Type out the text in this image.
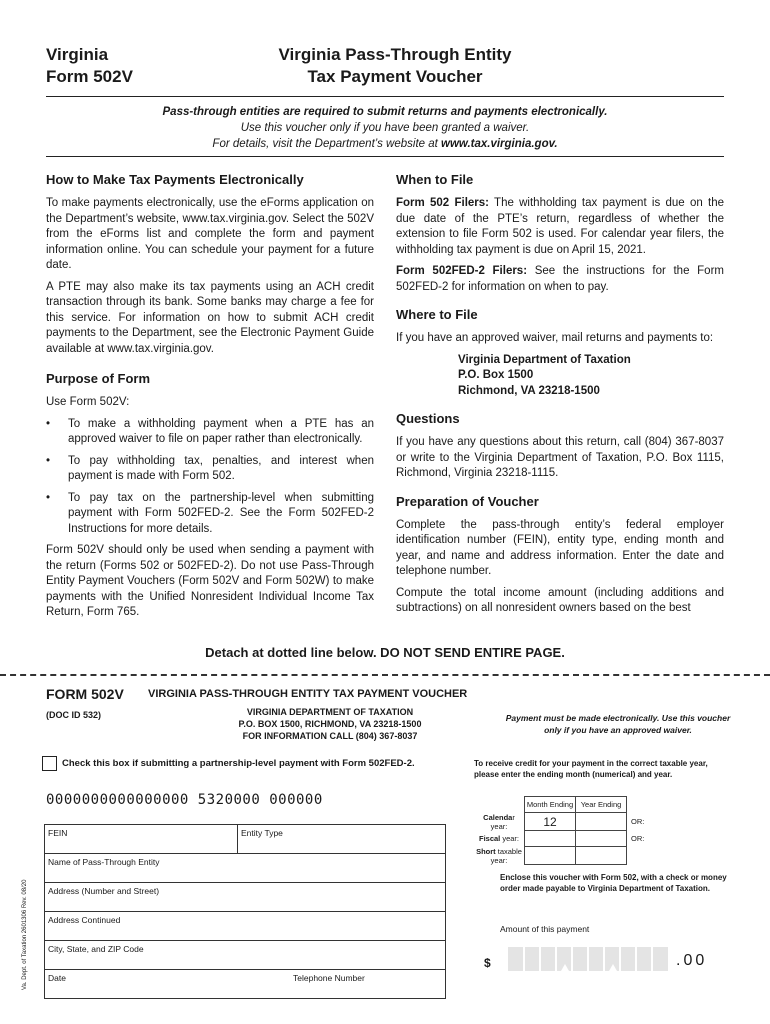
Virginia
Form 502V
Virginia Pass-Through Entity
Tax Payment Voucher
Pass-through entities are required to submit returns and payments electronically.
Use this voucher only if you have been granted a waiver.
For details, visit the Department’s website at www.tax.virginia.gov.
How to Make Tax Payments Electronically

To make payments electronically, use the eForms application on the Department’s website, www.tax.virginia.gov. Select the 502V from the eForms list and complete the form and payment information online. You can schedule your payment for a future date.

A PTE may also make its tax payments using an ACH credit transaction through its bank. Some banks may charge a fee for this service. For information on how to submit ACH credit payments to the Department, see the Electronic Payment Guide available at www.tax.virginia.gov.

Purpose of Form

Use Form 502V:

• To make a withholding payment when a PTE has an approved waiver to file on paper rather than electronically.
• To pay withholding tax, penalties, and interest when payment is made with Form 502.
• To pay tax on the partnership-level when submitting payment with Form 502FED-2. See the Form 502FED-2 Instructions for more details.

Form 502V should only be used when sending a payment with the return (Forms 502 or 502FED-2). Do not use Pass-Through Entity Payment Vouchers (Form 502V and Form 502W) to make payments with the Unified Nonresident Individual Income Tax Return, Form 765.

When to File

Form 502 Filers: The withholding tax payment is due on the due date of the PTE’s return, regardless of whether the extension to file Form 502 is used. For calendar year filers, the withholding tax payment is due on April 15, 2021.

Form 502FED-2 Filers: See the instructions for the Form 502FED-2 for information on when to pay.

Where to File

If you have an approved waiver, mail returns and payments to:

Virginia Department of Taxation
P.O. Box 1500
Richmond, VA 23218-1500
Questions

If you have any questions about this return, call (804) 367-8037 or write to the Virginia Department of Taxation, P.O. Box 1115, Richmond, Virginia 23218-1115.

Preparation of Voucher

Complete the pass-through entity’s federal employer identification number (FEIN), entity type, ending month and year, and name and address information. Enter the date and telephone number.

Compute the total income amount (including additions and subtractions) on all nonresident owners based on the best

Detach at dotted line below. DO NOT SEND ENTIRE PAGE.
FORM 502V VIRGINIA PASS-THROUGH ENTITY TAX PAYMENT VOUCHER
(DOC ID 532)	VIRGINIA DEPARTMENT OF TAXATION
P.O. BOX 1500, RICHMOND, VA 23218-1500
FOR INFORMATION CALL (804) 367-8037
Payment must be made electronically. Use this voucher only if you have an approved waiver.
Check this box if submitting a partnership-level payment with Form 502FED-2.	To receive credit for your payment in the correct taxable year, please enter the ending month (numerical) and year.
0000000000000000 5320000 000000
		Month Ending	Year Ending	
Calendar year:	12		OR:
Fiscal year:			OR:
Short taxable year:			
FEIN	Entity Type
Name of Pass-Through Entity
Address (Number and Street)
Address Continued
City, State, and ZIP Code
Date	Telephone Number
Va. Dept. of Taxation 2601306 Rev. 08/20
Enclose this voucher with Form 502, with a check or money order made payable to Virginia Department of Taxation.
Amount of this payment
$	.00
